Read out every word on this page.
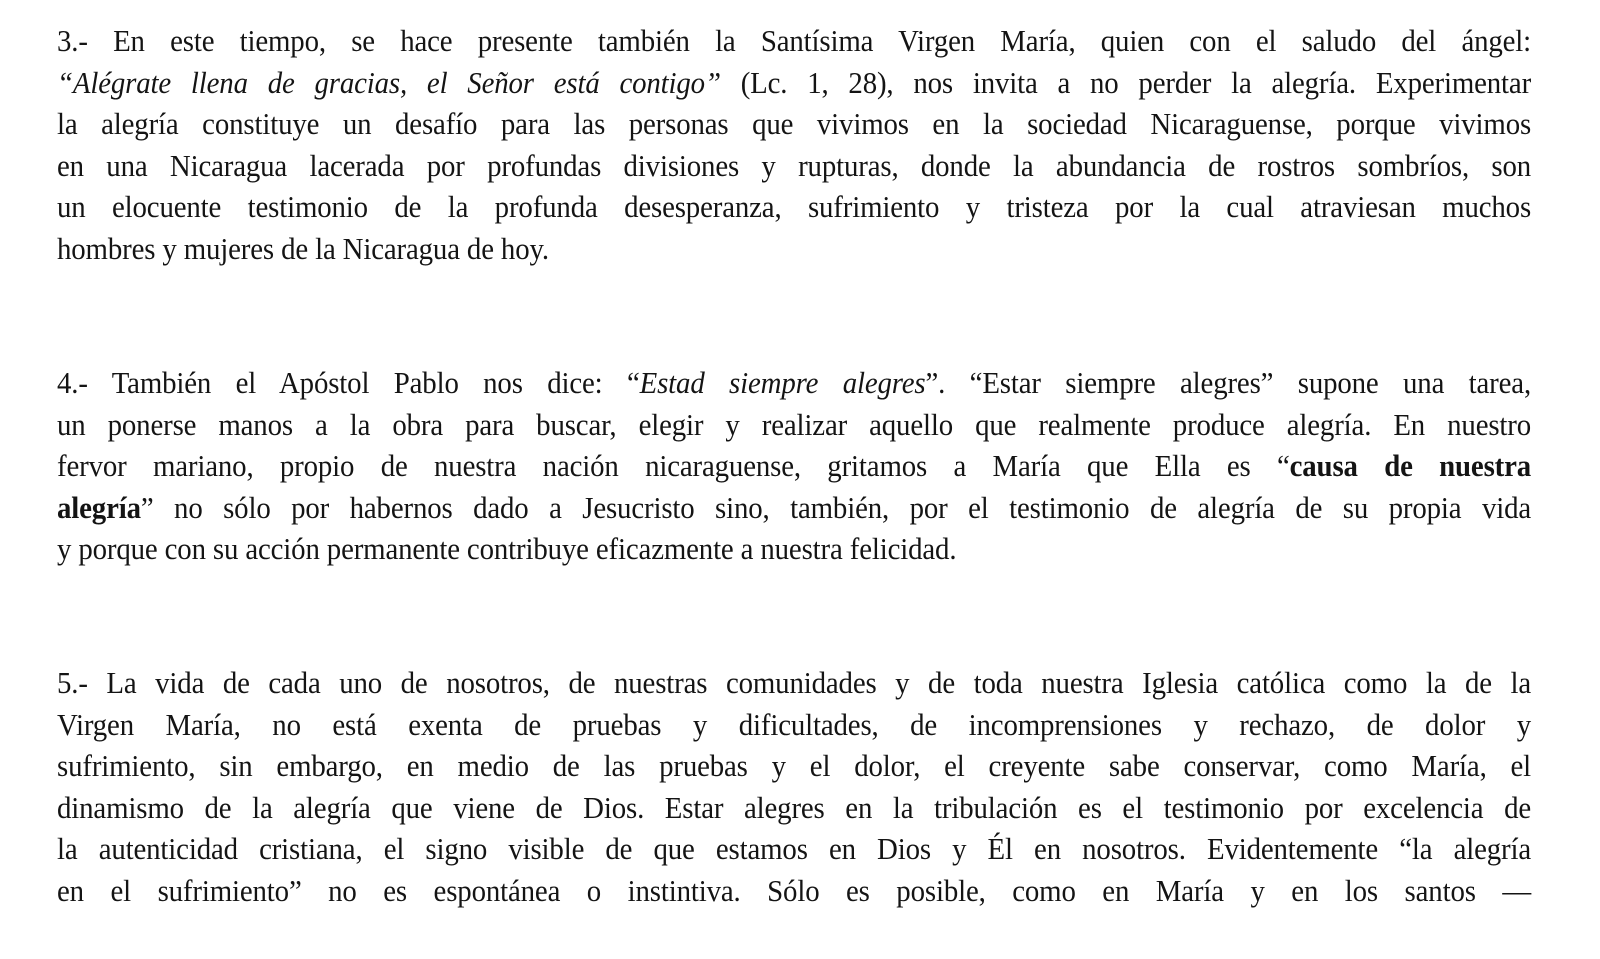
3.- En este tiempo, se hace presente también la Santísima Virgen María, quien con el saludo del ángel:
“Alégrate llena de gracias, el Señor está contigo” (Lc. 1, 28), nos invita a no perder la alegría. Experimentar
la alegría constituye un desafío para las personas que vivimos en la sociedad Nicaraguense, porque vivimos
en una Nicaragua lacerada por profundas divisiones y rupturas, donde la abundancia de rostros sombríos, son
un elocuente testimonio de la profunda desesperanza, sufrimiento y tristeza por la cual atraviesan muchos
hombres y mujeres de la Nicaragua de hoy.
4.- También el Apóstol Pablo nos dice: “Estad siempre alegres”. “Estar siempre alegres” supone una tarea,
un ponerse manos a la obra para buscar, elegir y realizar aquello que realmente produce alegría. En nuestro
fervor mariano, propio de nuestra nación nicaraguense, gritamos a María que Ella es “causa de nuestra
alegría” no sólo por habernos dado a Jesucristo sino, también, por el testimonio de alegría de su propia vida
y porque con su acción permanente contribuye eficazmente a nuestra felicidad.
5.- La vida de cada uno de nosotros, de nuestras comunidades y de toda nuestra Iglesia católica como la de la
Virgen María, no está exenta de pruebas y dificultades, de incomprensiones y rechazo, de dolor y
sufrimiento, sin embargo, en medio de las pruebas y el dolor, el creyente sabe conservar, como María, el
dinamismo de la alegría que viene de Dios. Estar alegres en la tribulación es el testimonio por excelencia de
la autenticidad cristiana, el signo visible de que estamos en Dios y Él en nosotros. Evidentemente “la alegría
en el sufrimiento” no es espontánea o instintiva. Sólo es posible, como en María y en los santos —
